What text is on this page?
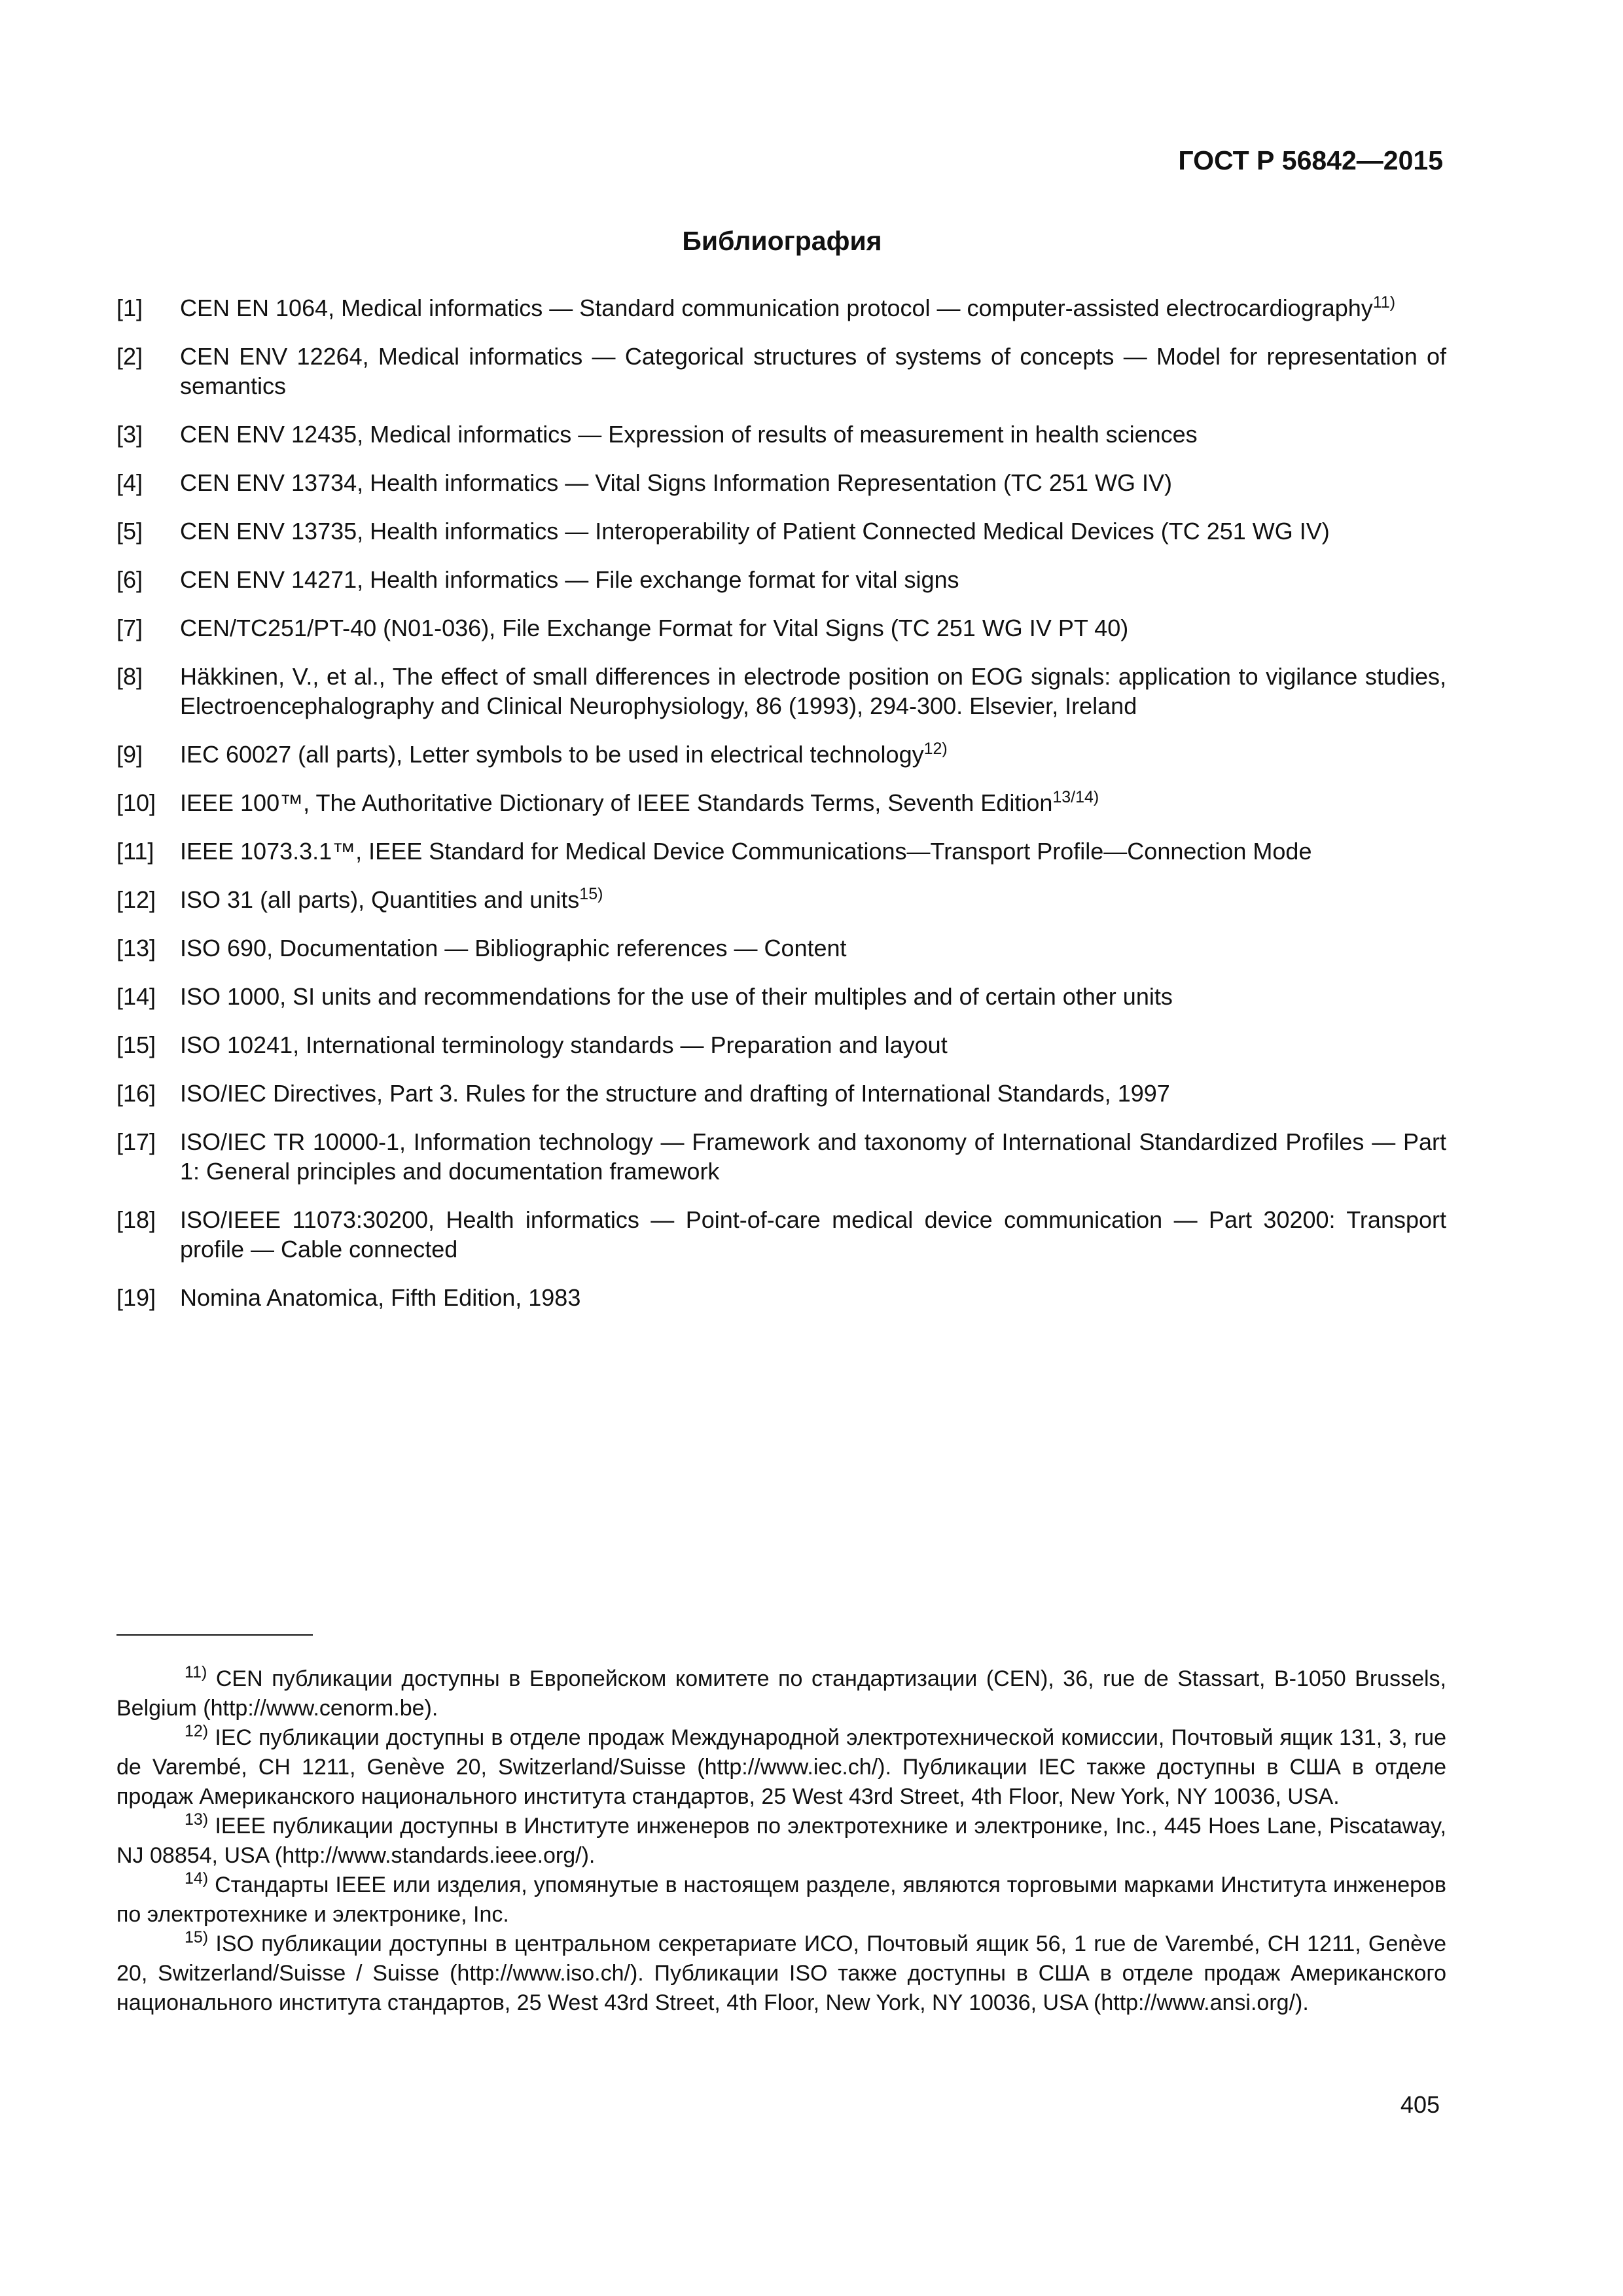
ГОСТ Р 56842—2015
Библиография
[1]	CEN EN 1064, Medical informatics — Standard communication protocol — computer-assisted electrocardiography$^{11)}$
[2]	CEN ENV 12264, Medical informatics — Categorical structures of systems of concepts — Model for representation of semantics
[3]	CEN ENV 12435, Medical informatics — Expression of results of measurement in health sciences
[4]	CEN ENV 13734, Health informatics — Vital Signs Information Representation (TC 251 WG IV)
[5]	CEN ENV 13735, Health informatics — Interoperability of Patient Connected Medical Devices (TC 251 WG IV)
[6]	CEN ENV 14271, Health informatics — File exchange format for vital signs
[7]	CEN/TC251/PT-40 (N01-036), File Exchange Format for Vital Signs (TC 251 WG IV PT 40)
[8]	Häkkinen, V., et al., The effect of small differences in electrode position on EOG signals: application to vigilance studies, Electroencephalography and Clinical Neurophysiology, 86 (1993), 294-300. Elsevier, Ireland
[9]	IEC 60027 (all parts), Letter symbols to be used in electrical technology$^{12)}$
[10]	IEEE 100™, The Authoritative Dictionary of IEEE Standards Terms, Seventh Edition$^{13/14)}$
[11]	IEEE 1073.3.1™, IEEE Standard for Medical Device Communications—Transport Profile—Connection Mode
[12]	ISO 31 (all parts), Quantities and units$^{15)}$
[13]	ISO 690, Documentation — Bibliographic references — Content
[14]	ISO 1000, SI units and recommendations for the use of their multiples and of certain other units
[15]	ISO 10241, International terminology standards — Preparation and layout
[16]	ISO/IEC Directives, Part 3. Rules for the structure and drafting of International Standards, 1997
[17]	ISO/IEC TR 10000-1, Information technology — Framework and taxonomy of International Standardized Profiles — Part 1: General principles and documentation framework
[18]	ISO/IEEE 11073:30200, Health informatics — Point-of-care medical device communication — Part 30200: Transport profile — Cable connected
[19]	Nomina Anatomica, Fifth Edition, 1983

$^{11)}$ CEN публикации доступны в Европейском комитете по стандартизации (CEN), 36, rue de Stassart, B-1050 Brussels, Belgium (http://www.cenorm.be).

$^{12)}$ IEC публикации доступны в отделе продаж Международной электротехнической комиссии, Почтовый ящик 131, 3, rue de Varembé, CH 1211, Genève 20, Switzerland/Suisse (http://www.iec.ch/). Публикации IEC также доступны в США в отделе продаж Американского национального института стандартов, 25 West 43rd Street, 4th Floor, New York, NY 10036, USA.

$^{13)}$ IEEE публикации доступны в Институте инженеров по электротехнике и электронике, Inc., 445 Hoes Lane, Piscataway, NJ 08854, USA (http://www.standards.ieee.org/).

$^{14)}$ Стандарты IEEE или изделия, упомянутые в настоящем разделе, являются торговыми марками Института инженеров по электротехнике и электронике, Inc.

$^{15)}$ ISO публикации доступны в центральном секретариате ИСО, Почтовый ящик 56, 1 rue de Varembé, CH 1211, Genève 20, Switzerland/Suisse / Suisse (http://www.iso.ch/). Публикации ISO также доступны в США в отделе продаж Американского национального института стандартов, 25 West 43rd Street, 4th Floor, New York, NY 10036, USA (http://www.ansi.org/).

405
